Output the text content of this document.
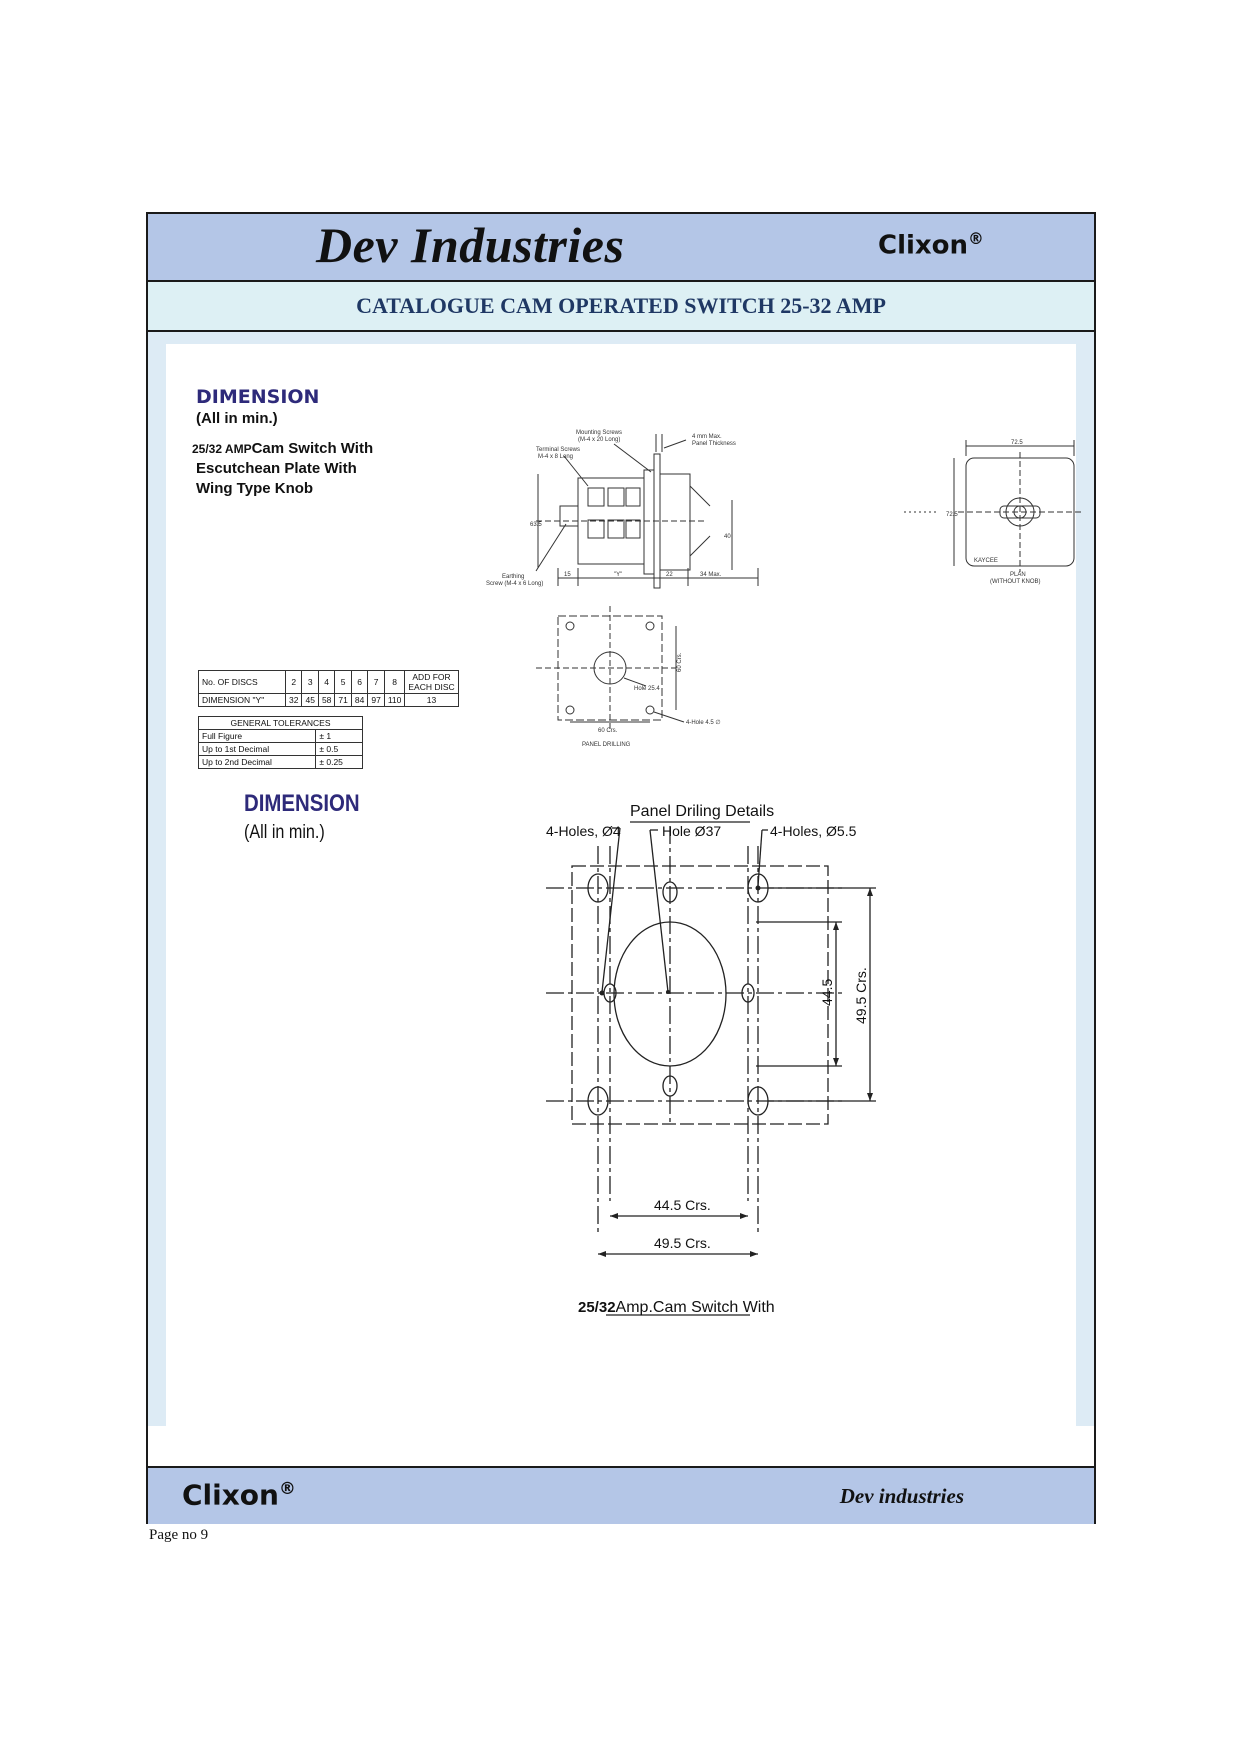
Dev Industries	Clixon®
CATALOGUE CAM OPERATED SWITCH 25-32 AMP
DIMENSION
(All in min.)
25/32 AMPCam Switch With
Escutchean Plate With
Wing Type Knob
No. OF DISCS	2	3	4	5	6	7	8	ADD FOR
EACH DISC
DIMENSION "Y"	32	45	58	71	84	97	110	13
GENERAL TOLERANCES	
Full Figure	± 1
Up to 1st Decimal	± 0.5
Up to 2nd Decimal	± 0.25
Mounting Screws
(M-4 x 20 Long)
Terminal Screws
M-4 x 8 Long
4 mm Max.
Panel Thickness
Earthing
Screw (M-4 x 6 Long)
15	"Y"	22	34 Max.
40
63.5
72.5
72.5
KAYCEE
PLAN
(WITHOUT KNOB)
Hole 25.4
60 Crs.
60 Crs.
4-Hole 4.5 ∅
PANEL DRILLING
DIMENSION
(All in min.)
Panel Driling Details
4-Holes, Ø4	Hole Ø37	4-Holes, Ø5.5
44.5 49.5 Crs.
44.5 Crs.
49.5 Crs.
25/32Amp.Cam Switch With
Clixon®	Dev industries
Page no 9
